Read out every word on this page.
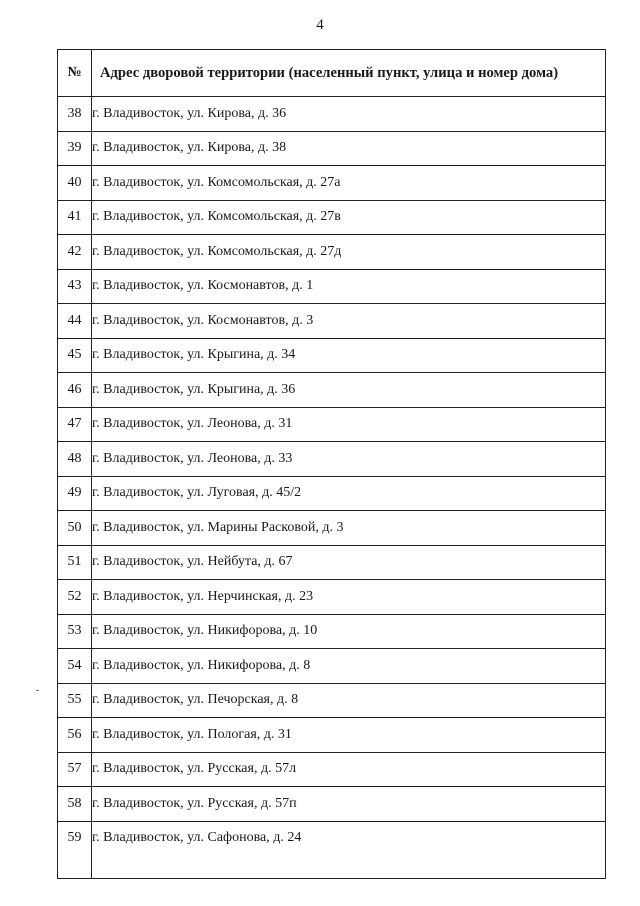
4
№	Адрес дворовой территории (населенный пункт, улица и номер дома)
38	г. Владивосток, ул. Кирова, д. 36
39	г. Владивосток, ул. Кирова, д. 38
40	г. Владивосток, ул. Комсомольская, д. 27а
41	г. Владивосток, ул. Комсомольская, д. 27в
42	г. Владивосток, ул. Комсомольская, д. 27д
43	г. Владивосток, ул. Космонавтов, д. 1
44	г. Владивосток, ул. Космонавтов, д. 3
45	г. Владивосток, ул. Крыгина, д. 34
46	г. Владивосток, ул. Крыгина, д. 36
47	г. Владивосток, ул. Леонова, д. 31
48	г. Владивосток, ул. Леонова, д. 33
49	г. Владивосток, ул. Луговая, д. 45/2
50	г. Владивосток, ул. Марины Расковой, д. 3
51	г. Владивосток, ул. Нейбута, д. 67
52	г. Владивосток, ул. Нерчинская, д. 23
53	г. Владивосток, ул. Никифорова, д. 10
54	г. Владивосток, ул. Никифорова, д. 8
55	г. Владивосток, ул. Печорская, д. 8
56	г. Владивосток, ул. Пологая, д. 31
57	г. Владивосток, ул. Русская, д. 57л
58	г. Владивосток, ул. Русская, д. 57п
59	г. Владивосток, ул. Сафонова, д. 24
